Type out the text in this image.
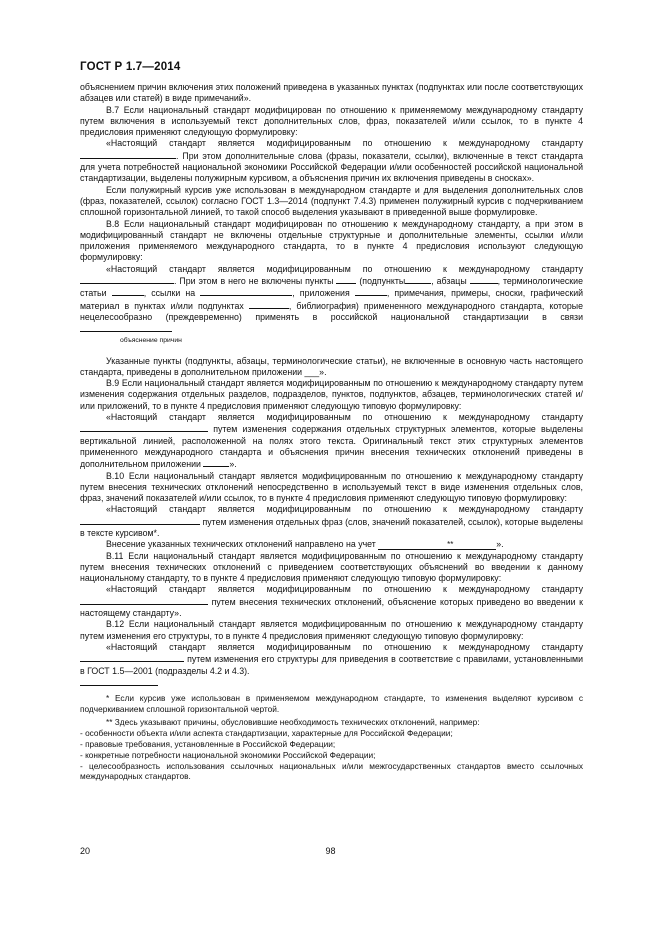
ГОСТ Р 1.7—2014

объяснением причин включения этих положений приведена в указанных пунктах (подпунктах или после соответствующих абзацев или статей) в виде примечаний».

В.7 Если национальный стандарт модифицирован по отношению к применяемому международному стандарту путем включения в используемый текст дополнительных слов, фраз, показателей и/или ссылок, то в пункте 4 предисловия применяют следующую формулировку:

«Настоящий стандарт является модифицированным по отношению к международному стандарту . При этом дополнительные слова (фразы, показатели, ссылки), включенные в текст стандарта для учета потребностей национальной экономики Российской Федерации и/или особенностей российской национальной стандартизации, выделены полужирным курсивом, а объяснения причин их включения приведены в сносках».

Если полужирный курсив уже использован в международном стандарте и для выделения дополнительных слов (фраз, показателей, ссылок) согласно ГОСТ 1.3—2014 (подпункт 7.4.3) применен полужирный курсив с подчеркиванием сплошной горизонтальной линией, то такой способ выделения указывают в приведенной выше формулировке.

В.8 Если национальный стандарт модифицирован по отношению к международному стандарту, а при этом в модифицированный стандарт не включены отдельные структурные и дополнительные элементы, ссылки и/или приложения применяемого международного стандарта, то в пункте 4 предисловия используют следующую формулировку:

«Настоящий стандарт является модифицированным по отношению к международному стандарту . При этом в него не включены пункты	(подпункты	, абзацы	, терминологические статьи	, ссылки на	, приложения	, примечания, примеры, сноски, графический материал в пунктах и/или подпунктах	, библиография) примененного международного стандарта, которые нецелесообразно (преждевременно) применять в российской национальной стандартизации в связи

объяснение причин

Указанные пункты (подпункты, абзацы, терминологические статьи), не включенные в основную часть настоящего стандарта, приведены в дополнительном приложении ___».

В.9 Если национальный стандарт является модифицированным по отношению к международному стандарту путем изменения содержания отдельных разделов, подразделов, пунктов, подпунктов, абзацев, терминологических статей и/или приложений, то в пункте 4 предисловия применяют следующую типовую формулировку:

«Настоящий стандарт является модифицированным по отношению к международному стандарту  путем изменения содержания отдельных структурных элементов, которые выделены вертикальной линией, расположенной на полях этого текста. Оригинальный текст этих структурных элементов примененного международного стандарта и объяснения причин внесения технических отклонений приведены в дополнительном приложении	».

В.10 Если национальный стандарт является модифицированным по отношению к международному стандарту путем внесения технических отклонений непосредственно в используемый текст в виде изменения отдельных слов, фраз, значений показателей и/или ссылок, то в пункте 4 предисловия применяют следующую типовую формулировку:

«Настоящий стандарт является модифицированным по отношению к международному стандарту  путем изменения отдельных фраз (слов, значений показателей, ссылок), которые выделены в тексте курсивом*.

Внесение указанных технических отклонений направлено на учет	**	».

В.11 Если национальный стандарт является модифицированным по отношению к международному стандарту путем внесения технических отклонений с приведением соответствующих объяснений во введении к данному национальному стандарту, то в пункте 4 предисловия применяют следующую типовую формулировку:

«Настоящий стандарт является модифицированным по отношению к международному стандарту  путем внесения технических отклонений, объяснение которых приведено во введении к настоящему стандарту».

В.12 Если национальный стандарт является модифицированным по отношению к международному стандарту путем изменения его структуры, то в пункте 4 предисловия применяют следующую типовую формулировку:

«Настоящий стандарт является модифицированным по отношению к международному стандарту  путем изменения его структуры для приведения в соответствие с правилами, установленными в ГОСТ 1.5—2001 (подразделы 4.2 и 4.3).

* Если курсив уже использован в применяемом международном стандарте, то изменения выделяют курсивом с подчеркиванием сплошной горизонтальной чертой.

** Здесь указывают причины, обусловившие необходимость технических отклонений, например:

- особенности объекта и/или аспекта стандартизации, характерные для Российской Федерации;

- правовые требования, установленные в Российской Федерации;

- конкретные потребности национальной экономики Российской Федерации;

- целесообразность использования ссылочных национальных и/или межгосударственных стандартов вместо ссылочных международных стандартов.

20	98
